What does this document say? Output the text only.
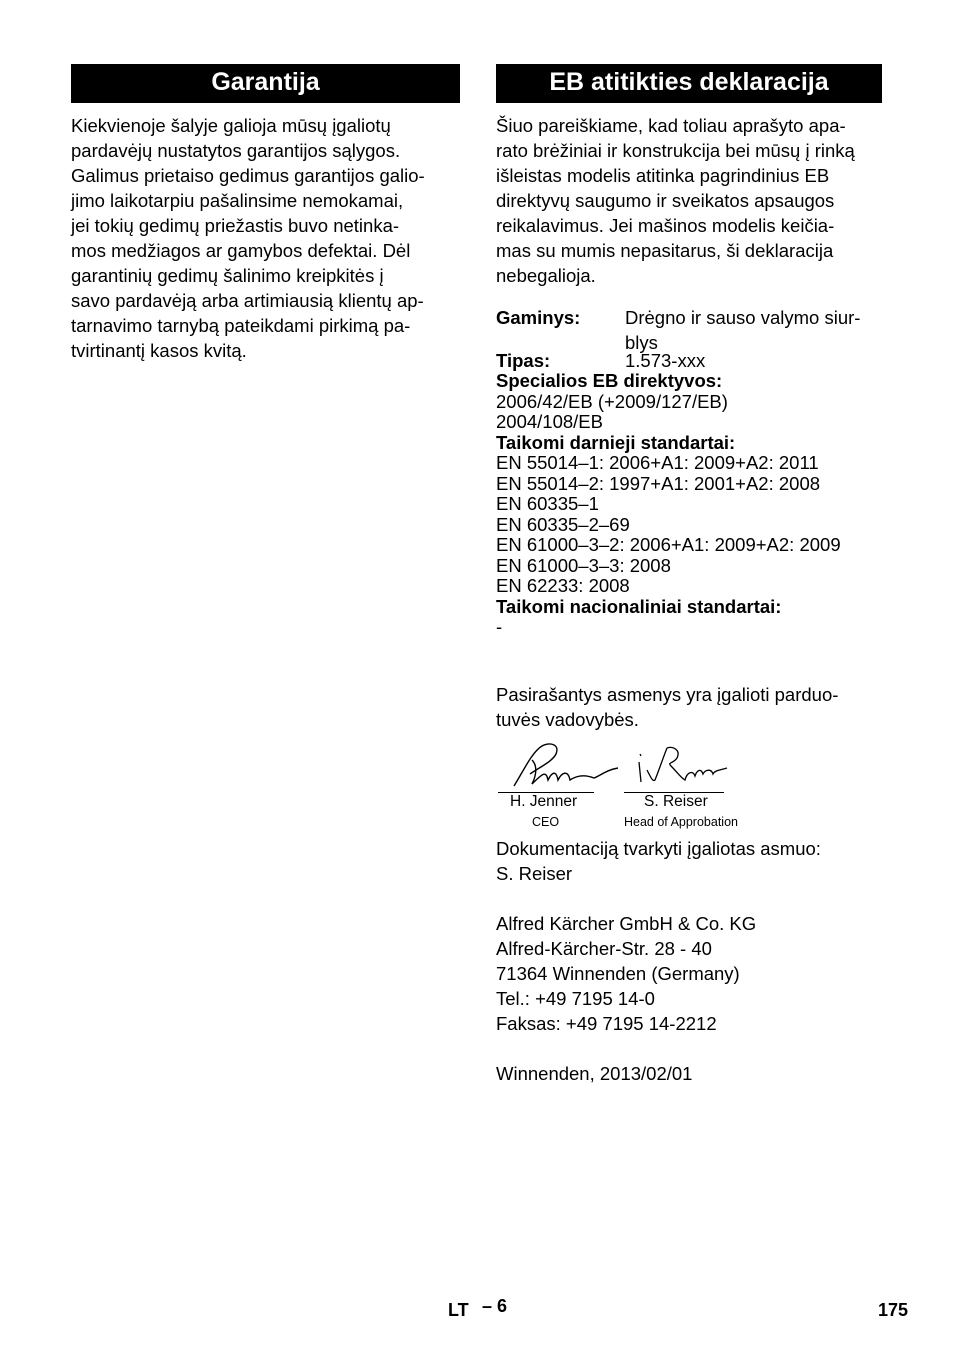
Garantija

Kiekvienoje šalyje galioja mūsų įgaliotų
pardavėjų nustatytos garantijos sąlygos.
Galimus prietaiso gedimus garantijos galio-
jimo laikotarpiu pašalinsime nemokamai,
jei tokių gedimų priežastis buvo netinka-
mos medžiagos ar gamybos defektai. Dėl
garantinių gedimų šalinimo kreipkitės į
savo pardavėją arba artimiausią klientų ap-
tarnavimo tarnybą pateikdami pirkimą pa-
tvirtinantį kasos kvitą.

EB atitikties deklaracija

Šiuo pareiškiame, kad toliau aprašyto apa-
rato brėžiniai ir konstrukcija bei mūsų į rinką
išleistas modelis atitinka pagrindinius EB
direktyvų saugumo ir sveikatos apsaugos
reikalavimus. Jei mašinos modelis keičia-
mas su mumis nepasitarus, ši deklaracija
nebegalioja.

Gaminys:	Drėgno ir sauso valymo siur-
blys
Tipas:	1.573-xxx
Specialios EB direktyvos:
2006/42/EB (+2009/127/EB)
2004/108/EB
Taikomi darnieji standartai:
EN 55014–1: 2006+A1: 2009+A2: 2011
EN 55014–2: 1997+A1: 2001+A2: 2008
EN 60335–1
EN 60335–2–69
EN 61000–3–2: 2006+A1: 2009+A2: 2009
EN 61000–3–3: 2008
EN 62233: 2008
Taikomi nacionaliniai standartai:
-

Pasirašantys asmenys yra įgalioti parduo-
tuvės vadovybės.

H. Jenner
CEO
S. Reiser
Head of Approbation

Dokumentaciją tvarkyti įgaliotas asmuo:
S. Reiser

Alfred Kärcher GmbH & Co. KG
Alfred-Kärcher-Str. 28 - 40
71364 Winnenden (Germany)
Tel.: +49 7195 14-0
Faksas: +49 7195 14-2212

Winnenden, 2013/02/01

LT – 6	175
